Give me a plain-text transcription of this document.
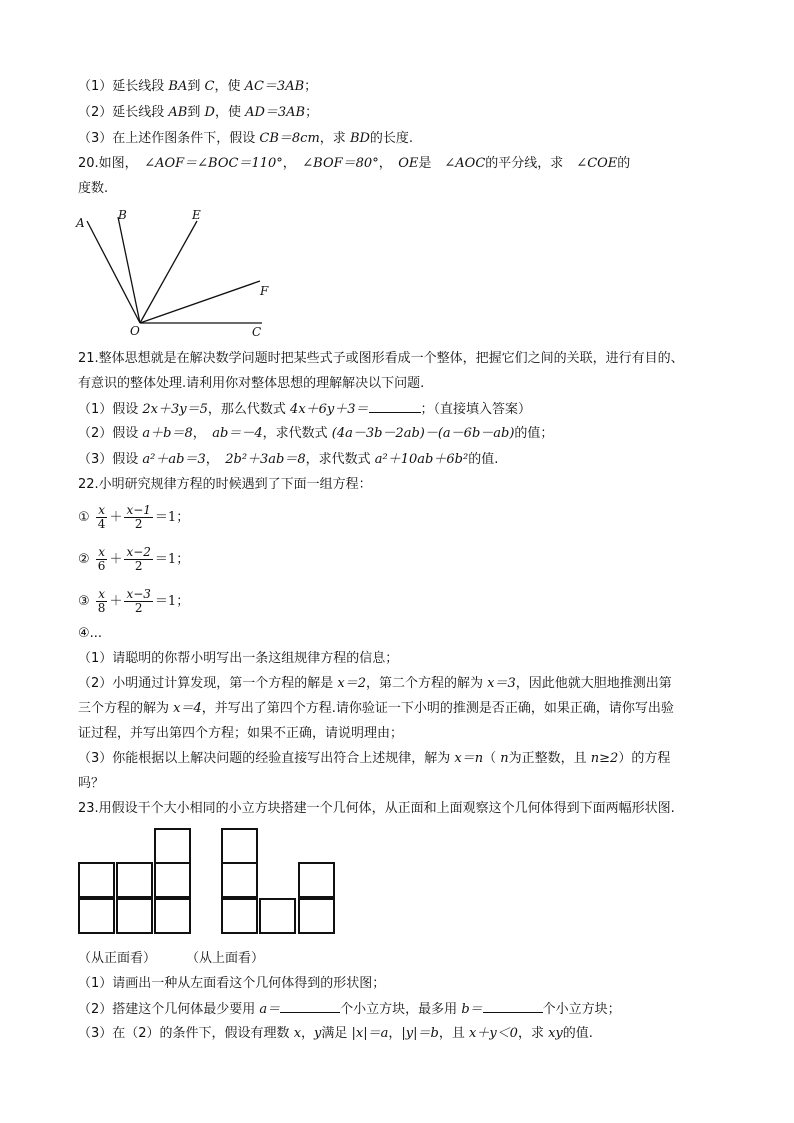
（1）延长线段 BA到 C，使 AC＝3AB；
（2）延长线段 AB到 D，使 AD＝3AB；
（3）在上述作图条件下，假设 CB＝8cm，求 BD的长度.
20.如图，　∠AOF＝∠BOC＝110°，　∠BOF＝80°，　OE是　∠AOC的平分线，求　∠COE的
度数.
A
B	E
F
O	C
21.整体思想就是在解决数学问题时把某些式子或图形看成一个整体，把握它们之间的关联，进行有目的、
有意识的整体处理.请利用你对整体思想的理解解决以下问题.
（1）假设 2x＋3y＝5，那么代数式 4x＋6y＋3＝	；（直接填入答案）
（2）假设 a＋b＝8，　ab＝－4，求代数式 (4a－3b－2ab)－(a－6b－ab)的值；
（3）假设 a²＋ab＝3，　2b²＋3ab＝8，求代数式 a²＋10ab＋6b²的值.
22.小明研究规律方程的时候遇到了下面一组方程：
① $\frac{x}{4} + \frac{x-1}{2} =1$；
② $\frac{x}{6} + \frac{x-2}{2} =1$；
③ $\frac{x}{8} + \frac{x-3}{2} =1$；
④...
（1）请聪明的你帮小明写出一条这组规律方程的信息；
（2）小明通过计算发现，第一个方程的解是 x＝2，第二个方程的解为 x＝3，因此他就大胆地推测出第
三个方程的解为 x＝4，并写出了第四个方程.请你验证一下小明的推测是否正确，如果正确，请你写出验
证过程，并写出第四个方程；如果不正确，请说明理由；
（3）你能根据以上解决问题的经验直接写出符合上述规律，解为 x＝n（ n为正整数，且 n≥2）的方程
吗？
23.用假设干个大小相同的小立方块搭建一个几何体，从正面和上面观察这个几何体得到下面两幅形状图.
（从正面看） （从上面看）
（1）请画出一种从左面看这个几何体得到的形状图；
（2）搭建这个几何体最少要用 a＝	个小立方块，最多用 b＝	个小立方块；
（3）在（2）的条件下，假设有理数 x，y满足 |x|＝a，|y|＝b，且 x＋y＜0，求 xy的值.
